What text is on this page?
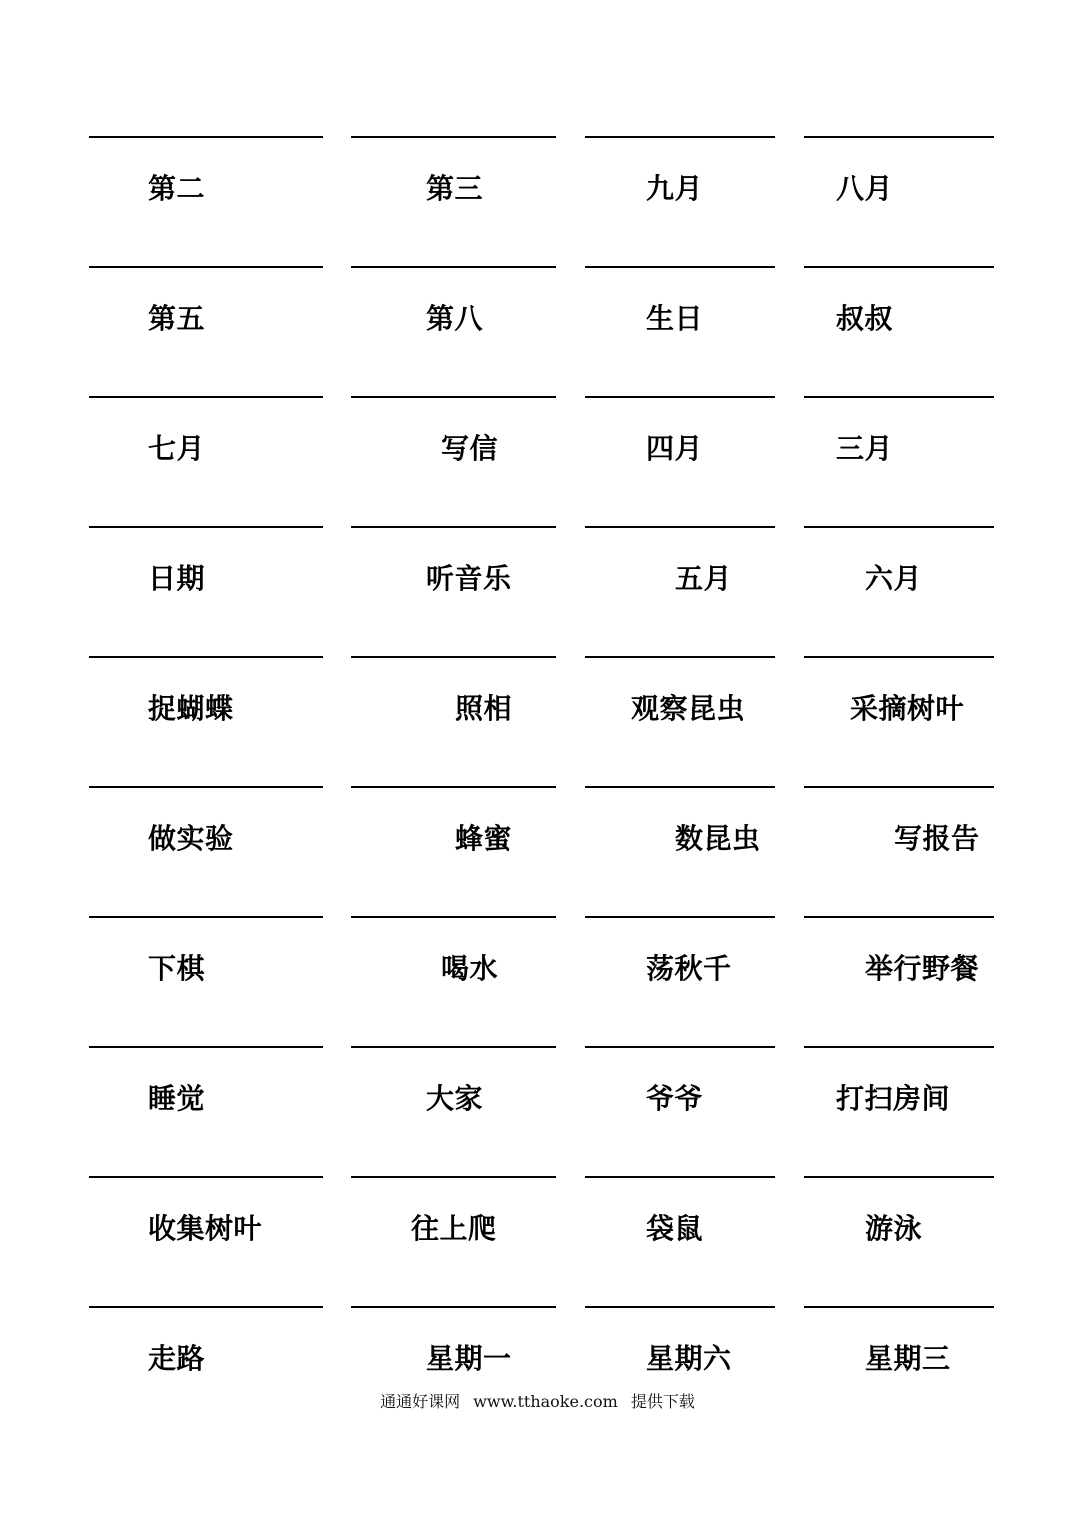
第二	第三	九月	八月
第五	第八	生日	叔叔
七月	写信	四月	三月
日期	听音乐	五月	六月
捉蝴蝶	照相	观察昆虫	采摘树叶
做实验	蜂蜜	数昆虫	写报告
下棋	喝水	荡秋千	举行野餐
睡觉	大家	爷爷	打扫房间
收集树叶	往上爬	袋鼠	游泳
走路	星期一	星期六	星期三
通通好课网 www.tthaoke.com 提供下载
